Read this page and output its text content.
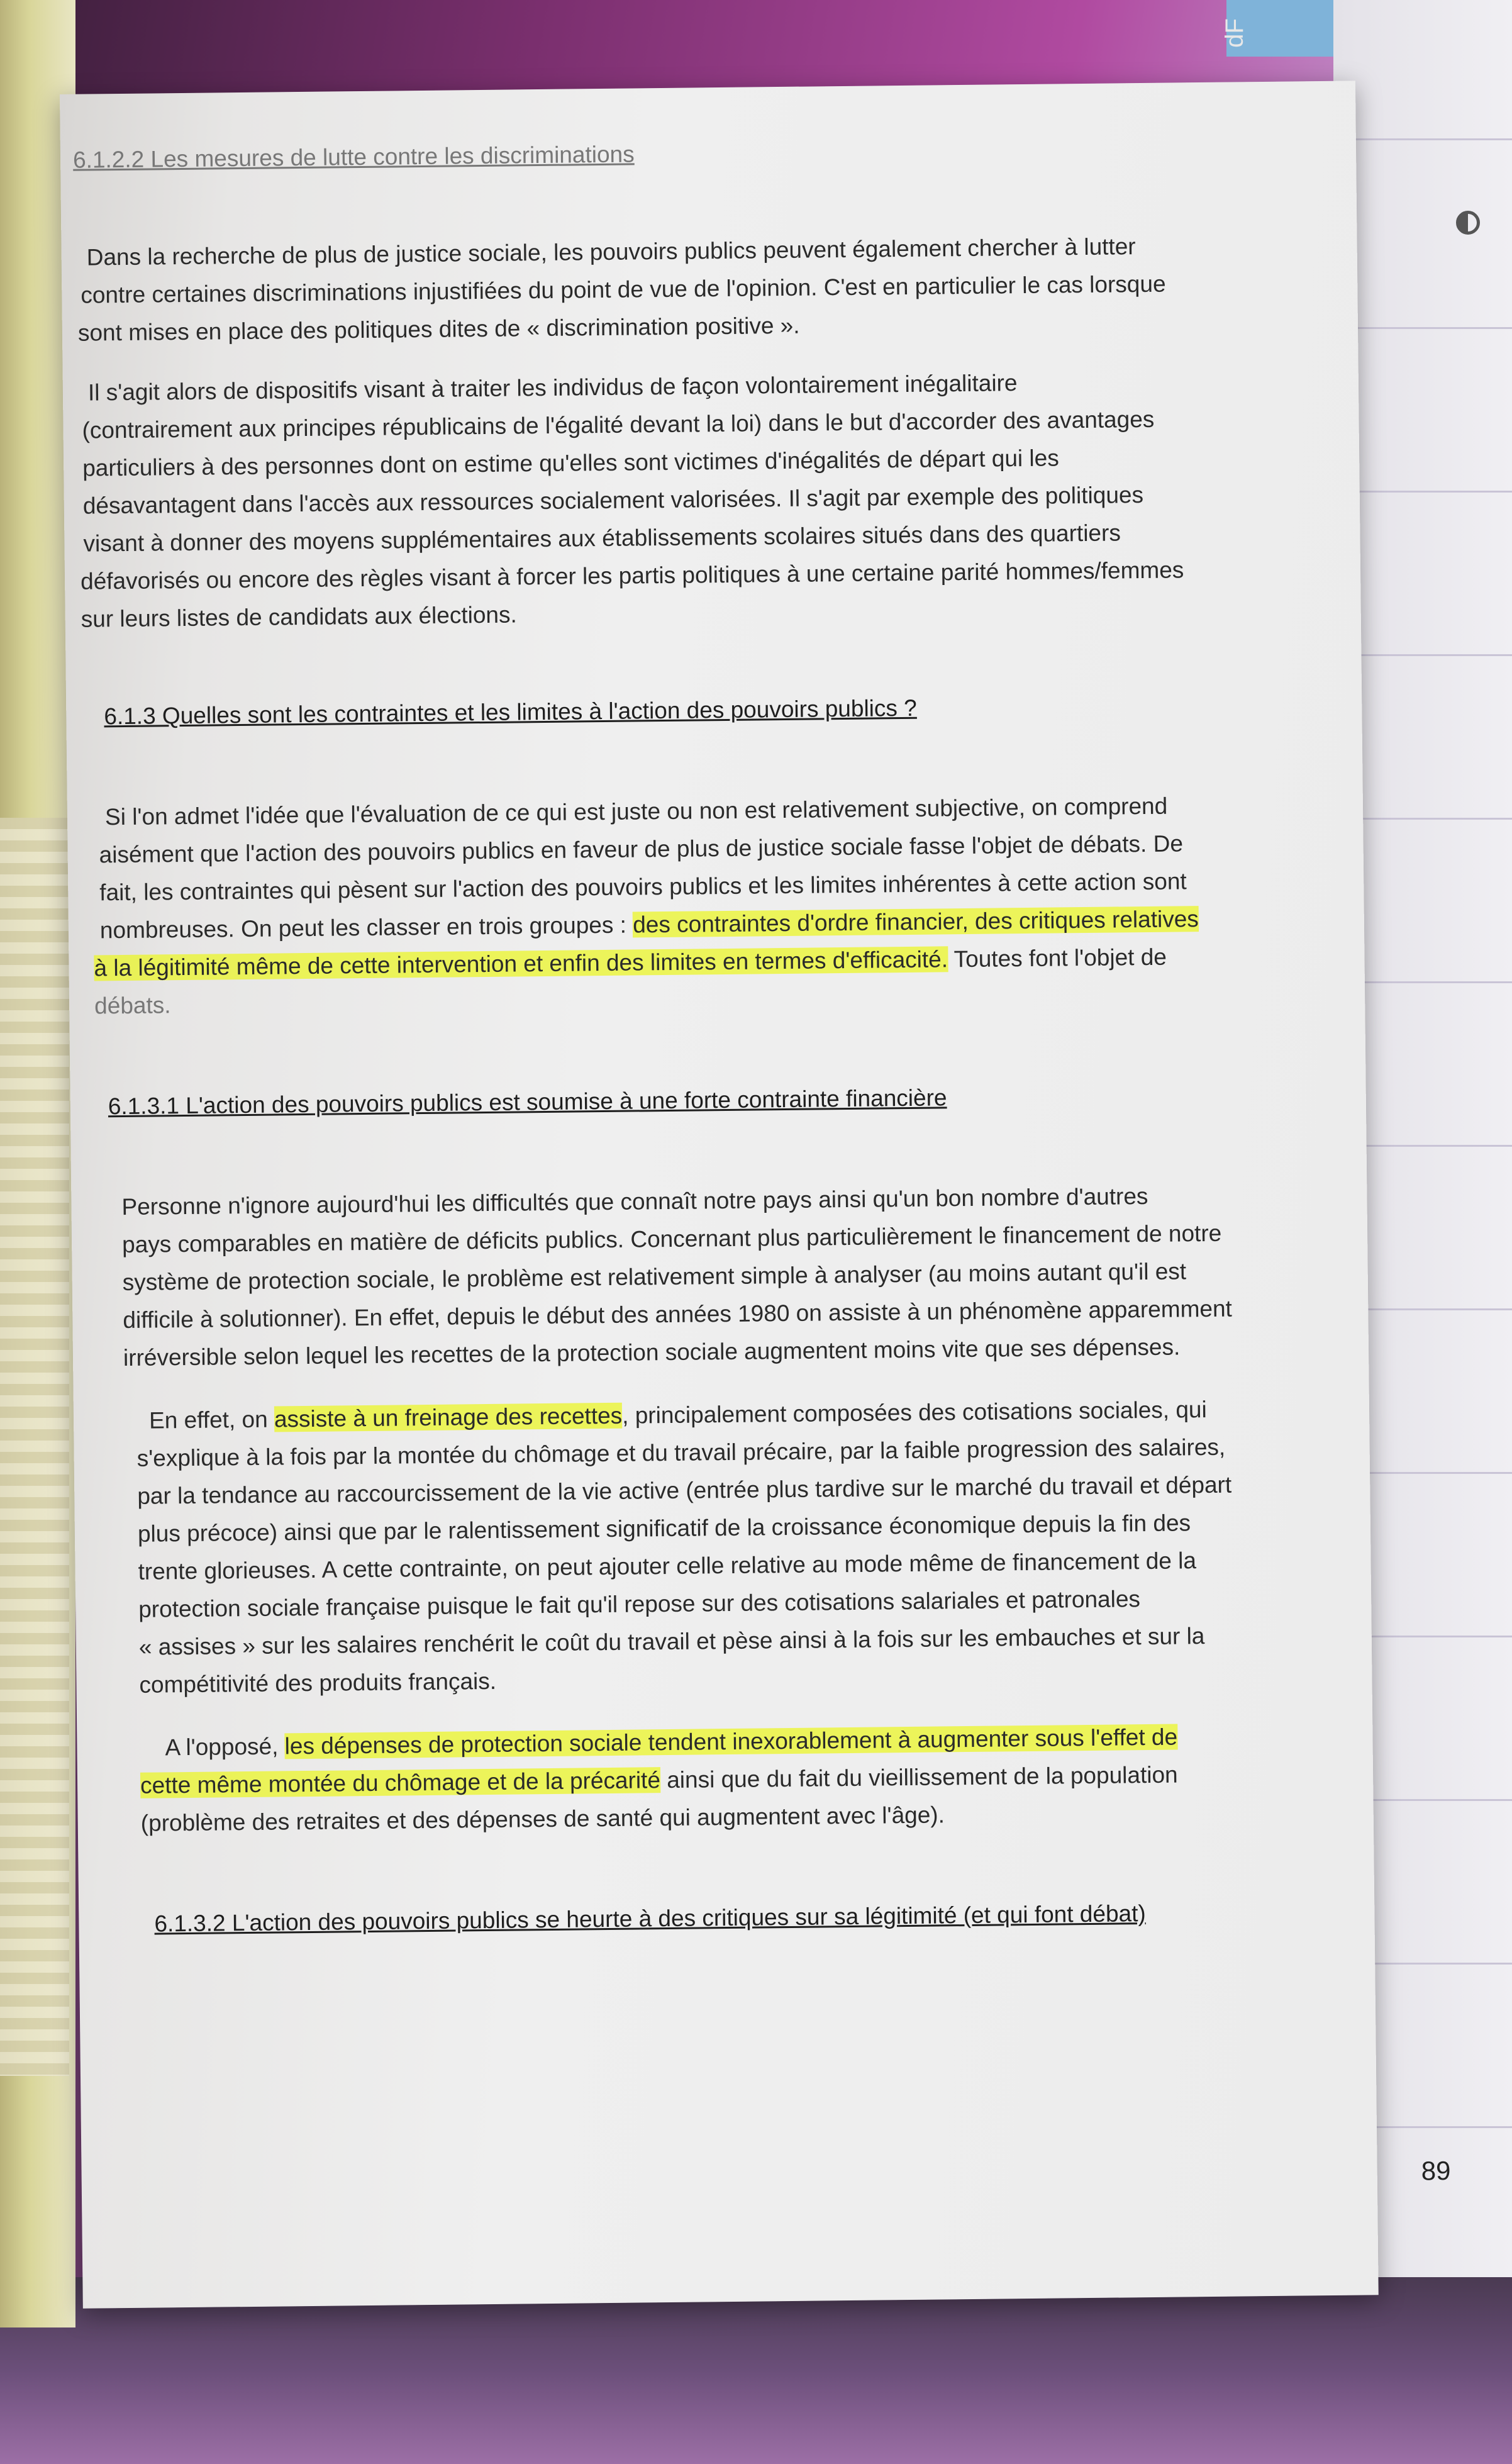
dF
6.1.2.2 Les mesures de lutte contre les discriminations
Dans la recherche de plus de justice sociale, les pouvoirs publics peuvent également chercher à lutter
contre certaines discriminations injustifiées du point de vue de l'opinion. C'est en particulier le cas lorsque
sont mises en place des politiques dites de « discrimination positive ».
Il s'agit alors de dispositifs visant à traiter les individus de façon volontairement inégalitaire
(contrairement aux principes républicains de l'égalité devant la loi) dans le but d'accorder des avantages
particuliers à des personnes dont on estime qu'elles sont victimes d'inégalités de départ qui les
désavantagent dans l'accès aux ressources socialement valorisées. Il s'agit par exemple des politiques
visant à donner des moyens supplémentaires aux établissements scolaires situés dans des quartiers
défavorisés ou encore des règles visant à forcer les partis politiques à une certaine parité hommes/femmes
sur leurs listes de candidats aux élections.
6.1.3 Quelles sont les contraintes et les limites à l'action des pouvoirs publics ?
Si l'on admet l'idée que l'évaluation de ce qui est juste ou non est relativement subjective, on comprend
aisément que l'action des pouvoirs publics en faveur de plus de justice sociale fasse l'objet de débats. De
fait, les contraintes qui pèsent sur l'action des pouvoirs publics et les limites inhérentes à cette action sont
nombreuses. On peut les classer en trois groupes : des contraintes d'ordre financier, des critiques relatives
à la légitimité même de cette intervention et enfin des limites en termes d'efficacité. Toutes font l'objet de
débats.
6.1.3.1 L'action des pouvoirs publics est soumise à une forte contrainte financière
Personne n'ignore aujourd'hui les difficultés que connaît notre pays ainsi qu'un bon nombre d'autres
pays comparables en matière de déficits publics. Concernant plus particulièrement le financement de notre
système de protection sociale, le problème est relativement simple à analyser (au moins autant qu'il est
difficile à solutionner). En effet, depuis le début des années 1980 on assiste à un phénomène apparemment
irréversible selon lequel les recettes de la protection sociale augmentent moins vite que ses dépenses.
En effet, on assiste à un freinage des recettes, principalement composées des cotisations sociales, qui
s'explique à la fois par la montée du chômage et du travail précaire, par la faible progression des salaires,
par la tendance au raccourcissement de la vie active (entrée plus tardive sur le marché du travail et départ
plus précoce) ainsi que par le ralentissement significatif de la croissance économique depuis la fin des
trente glorieuses. A cette contrainte, on peut ajouter celle relative au mode même de financement de la
protection sociale française puisque le fait qu'il repose sur des cotisations salariales et patronales
« assises » sur les salaires renchérit le coût du travail et pèse ainsi à la fois sur les embauches et sur la
compétitivité des produits français.
A l'opposé, les dépenses de protection sociale tendent inexorablement à augmenter sous l'effet de
cette même montée du chômage et de la précarité ainsi que du fait du vieillissement de la population
(problème des retraites et des dépenses de santé qui augmentent avec l'âge).
6.1.3.2 L'action des pouvoirs publics se heurte à des critiques sur sa légitimité (et qui font débat)
89
